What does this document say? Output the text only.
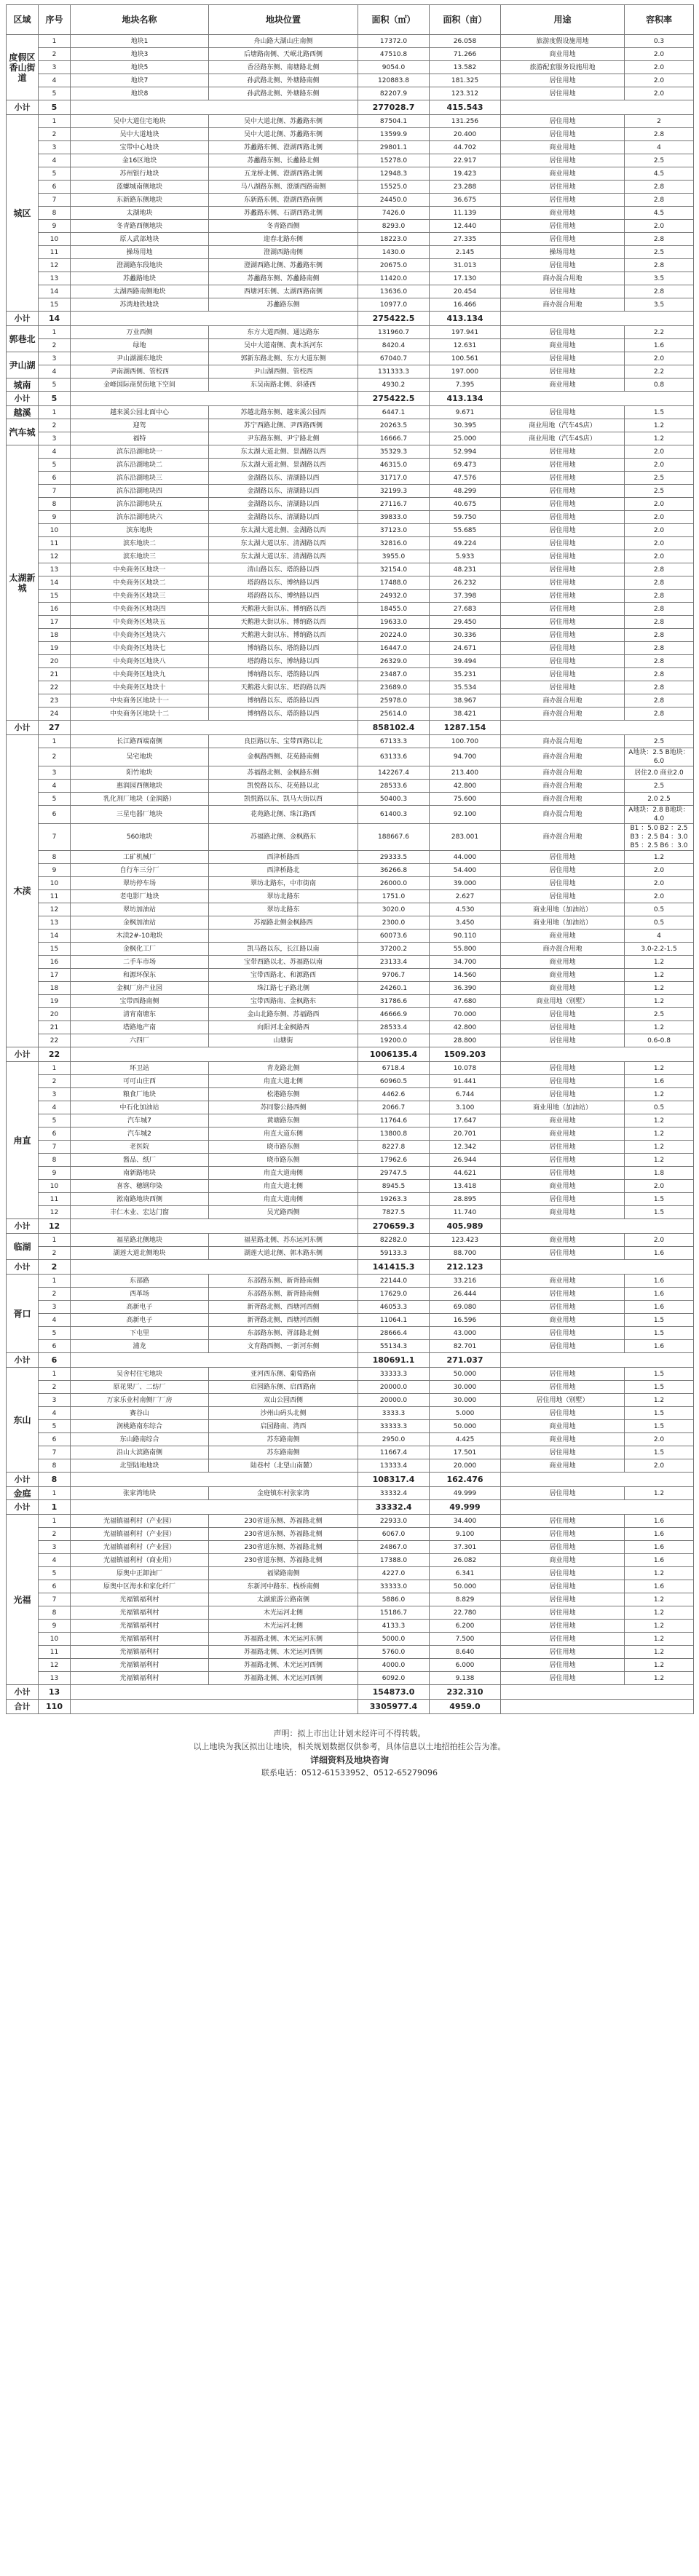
区域	序号	地块名称	地块位置	面积（㎡）	面积（亩）	用途	容积率
度假区香山街道	1	地块1	舟山路大湖山庄南侧	17372.0	26.058	旅游度假设施用地	0.3
	2	地块3	后塘路南侧、天岷北路西侧	47510.8	71.266	商业用地	2.0
	3	地块5	香泾路东侧、南塘路北侧	9054.0	13.582	旅游配套服务设施用地	2.0
	4	地块7	孙武路北侧、外塘路南侧	120883.8	181.325	居住用地	2.0
	5	地块8	孙武路北侧、外塘路东侧	82207.9	123.312	居住用地	2.0
小计	5			277028.7	415.543		
城区	1	吴中大道住宅地块	吴中大道北侧、苏蠡路东侧	87504.1	131.256	居住用地	2
	2	吴中大道地块	吴中大道北侧、苏蠡路东侧	13599.9	20.400	居住用地	2.8
	3	宝带中心地块	苏蠡路东侧、澄湖西路北侧	29801.1	44.702	商业用地	4
	4	金16区地块	苏蠡路东侧、长蠡路北侧	15278.0	22.917	居住用地	2.5
	5	苏州银行地块	五龙桥北侧、澄湖西路北侧	12948.3	19.423	商业用地	4.5
	6	蓝螺城南侧地块	马八湖路东侧、澄湖西路南侧	15525.0	23.288	居住用地	2.8
	7	东新路东侧地块	东新路东侧、澄湖西路南侧	24450.0	36.675	居住用地	2.8
	8	太湖地块	苏蠡路东侧、石湖西路北侧	7426.0	11.139	商业用地	4.5
	9	冬青路西侧地块	冬青路西侧	8293.0	12.440	居住用地	2.0
	10	原人武部地块	迎春北路东侧	18223.0	27.335	居住用地	2.8
	11	操场用地	澄湖西路南侧	1430.0	2.145	操场用地	2.5
	12	澄湖路东段地块	澄湖西路北侧、苏蠡路东侧	20675.0	31.013	居住用地	2.8
	13	苏蠡路地块	苏蠡路东侧、苏蠡路南侧	11420.0	17.130	商办混合用地	3.5
	14	太湖西路南侧地块	西塘河东侧、太湖西路南侧	13636.0	20.454	居住用地	2.8
	15	苏湾地铁地块	苏蠡路东侧	10977.0	16.466	商办混合用地	3.5
小计	14			275422.5	413.134		
郭巷北	1	万业西侧	东方大道西侧、通达路东	131960.7	197.941	居住用地	2.2
	2	绿地	吴中大道南侧、黄木浜河东	8420.4	12.631	商业用地	1.6
尹山湖	3	尹山湖湖东地块	郭新东路北侧、东方大道东侧	67040.7	100.561	居住用地	2.0
	4	尹南湖西侧、管校西	尹山湖西侧、管校西	131333.3	197.000	居住用地	2.2
城南	5	金峰国际商贸街地下空间	东吴南路北侧、斜港西	4930.2	7.395	商业用地	0.8
小计	5			275422.5	413.134		
越溪	1	越来溪公园北面中心	苏越北路东侧、越来溪公园西	6447.1	9.671	居住用地	1.5
汽车城	2	迎驾	苏宁西路北侧、尹西路西侧	20263.5	30.395	商业用地（汽车4S店）	1.2
	3	福特	尹东路东侧、尹宁路北侧	16666.7	25.000	商业用地（汽车4S店）	1.2
太湖新城	4	滨东沿湖地块一	东太湖大道北侧、景湖路以西	35329.3	52.994	居住用地	2.0
	5	滨东沿湖地块二	东太湖大道北侧、景湖路以西	46315.0	69.473	居住用地	2.0
	6	滨东沿湖地块三	金湖路以东、清湖路以西	31717.0	47.576	居住用地	2.5
	7	滨东沿湖地块四	金湖路以东、清湖路以西	32199.3	48.299	居住用地	2.5
	8	滨东沿湖地块五	金湖路以东、清湖路以西	27116.7	40.675	居住用地	2.0
	9	滨东沿湖地块六	金湖路以东、清湖路以西	39833.0	59.750	居住用地	2.0
	10	滨东地块	东太湖大道北侧、金湖路以西	37123.0	55.685	居住用地	2.0
	11	滨东地块二	东太湖大道以东、清湖路以西	32816.0	49.224	居住用地	2.0
	12	滨东地块三	东太湖大道以东、清湖路以西	3955.0	5.933	居住用地	2.0
	13	中央商务区地块一	清山路以东、塔韵路以西	32154.0	48.231	居住用地	2.8
	14	中央商务区地块二	塔韵路以东、博纳路以西	17488.0	26.232	居住用地	2.8
	15	中央商务区地块三	塔韵路以东、博纳路以西	24932.0	37.398	居住用地	2.8
	16	中央商务区地块四	天鹅港大街以东、博纳路以西	18455.0	27.683	居住用地	2.8
	17	中央商务区地块五	天鹅港大街以东、博纳路以西	19633.0	29.450	居住用地	2.8
	18	中央商务区地块六	天鹅港大街以东、博纳路以西	20224.0	30.336	居住用地	2.8
	19	中央商务区地块七	博纳路以东、塔韵路以西	16447.0	24.671	居住用地	2.8
	20	中央商务区地块八	塔韵路以东、博纳路以西	26329.0	39.494	居住用地	2.8
	21	中央商务区地块九	博纳路以东、塔韵路以西	23487.0	35.231	居住用地	2.8
	22	中央商务区地块十	天鹅港大街以东、塔韵路以西	23689.0	35.534	居住用地	2.8
	23	中央商务区地块十一	博纳路以东、塔韵路以西	25978.0	38.967	商办混合用地	2.8
	24	中央商务区地块十二	博纳路以东、塔韵路以西	25614.0	38.421	商办混合用地	2.8
小计	27			858102.4	1287.154		
木渎	1	长江路西端南侧	良臣路以东、宝带西路以北	67133.3	100.700	商办混合用地	2.5
	2	吴宅地块	金枫路西侧、花苑路南侧	63133.6	94.700	商办混合用地	A地块：2.5 B地块：6.0
	3	阳竹地块	苏福路北侧、金枫路东侧	142267.4	213.400	商办混合用地	居住2.0 商业2.0
	4	惠润园西侧地块	凯悦路以东、花苑路以北	28533.6	42.800	商办混合用地	2.5
	5	乳化剂厂地块（金润路）	凯悦路以东、凯马大街以西	50400.3	75.600	商办混合用地	2.0 2.5
	6	三星电器厂地块	花苑路北侧、珠江路西	61400.3	92.100	商办混合用地	A地块：2.8 B地块：4.0
	7	560地块	苏福路北侧、金枫路东	188667.6	283.001	商办混合用地	B1 ：5.0 B2 ：2.5 B3 ：2.5 B4 ：3.0 B5 ：2.5 B6 ：3.0
	8	工矿机械厂	西津桥路西	29333.5	44.000	居住用地	1.2
	9	自行车三分厂	西津桥路北	36266.8	54.400	居住用地	2.0
	10	翠坊停车场	翠坊北路东，中市街南	26000.0	39.000	居住用地	2.0
	11	老电影厂地块	翠坊北路东	1751.0	2.627	居住用地	2.0
	12	翠坊加油站	翠坊北路东	3020.0	4.530	商业用地（加油站）	0.5
	13	金枫加油站	苏福路北侧金枫路西	2300.0	3.450	商业用地（加油站）	0.5
	14	木渎2#-10地块		60073.6	90.110	商业用地	4
	15	金枫化工厂	凯马路以东，长江路以南	37200.2	55.800	商办混合用地	3.0-2.2-1.5
	16	二手车市场	宝带西路以北、苏福路以南	23133.4	34.700	商业用地	1.2
	17	和源环保东	宝带西路北、和源路西	9706.7	14.560	商业用地	1.2
	18	金枫厂房产业园	珠江路七子路北侧	24260.1	36.390	商业用地	1.2
	19	宝带西路南侧	宝带西路南、金枫路东	31786.6	47.680	商业用地（别墅）	1.2
	20	清宵南塘东	金山北路东侧、苏福路西	46666.9	70.000	居住用地	2.5
	21	塔路地产南	向阳河北金枫路西	28533.4	42.800	居住用地	1.2
	22	六四厂	山塘街	19200.0	28.800	居住用地	0.6-0.8
小计	22			1006135.4	1509.203		
甪直	1	环卫站	青龙路北侧	6718.4	10.078	居住用地	1.2
	2	可可山庄西	甪直大道北侧	60960.5	91.441	居住用地	1.6
	3	粮食厂地块	松港路东侧	4462.6	6.744	居住用地	1.2
	4	中石化加油站	苏同黎公路西侧	2066.7	3.100	商业用地（加油站）	0.5
	5	汽车城7	黄塘路东侧	11764.6	17.647	商业用地	1.2
	6	汽车城2	甪直大道东侧	13800.8	20.701	商业用地	1.2
	7	老医院	晓市路东侧	8227.8	12.342	居住用地	1.2
	8	酱品、纸厂	晓市路东侧	17962.6	26.944	居住用地	1.2
	9	南新路地块	甪直大道南侧	29747.5	44.621	居住用地	1.8
	10	喜客、穗钢印染	甪直大道北侧	8945.5	13.418	商业用地	2.0
	11	淞南路地块西侧	甪直大道南侧	19263.3	28.895	居住用地	1.5
	12	丰仁木业、宏达门窗	吴光路西侧	7827.5	11.740	商业用地	1.5
小计	12			270659.3	405.989		
临湖	1	福星路北侧地块	福星路北侧、苏东运河东侧	82282.0	123.423	商业用地	2.0
	2	湖莲大道北侧地块	湖莲大道北侧、郭木路东侧	59133.3	88.700	居住用地	1.6
小计	2			141415.3	212.123		
胥口	1	东部路	东部路东侧、新胥路南侧	22144.0	33.216	商业用地	1.6
	2	西革场	东部路东侧、新胥路南侧	17629.0	26.444	居住用地	1.6
	3	高新电子	新胥路北侧、西塘河西侧	46053.3	69.080	居住用地	1.6
	4	高新电子	新胥路北侧、西塘河西侧	11064.1	16.596	商业用地	1.5
	5	下屯里	东部路东侧、胥部路北侧	28666.4	43.000	居住用地	1.5
	6	浦龙	文育路西侧、一新河东侧	55134.3	82.701	居住用地	1.6
小计	6			180691.1	271.037		
东山	1	吴舍村住宅地块	亚河西东侧、葡萄路南	33333.3	50.000	居住用地	1.5
	2	原花果厂、二纺厂	启园路东侧、启西路南	20000.0	30.000	居住用地	1.5
	3	万家乐业村南侧厂厂房	双山公园西侧	20000.0	30.000	居住用地（别墅）	1.2
	4	赛谷山	沙州山码头北侧	3333.3	5.000	居住用地	1.5
	5	润桃路南东综合	启园路南、湾西	33333.3	50.000	商业用地	1.5
	6	东山路南综合	苏东路南侧	2950.0	4.425	商业用地	2.0
	7	沿山大滨路南侧	苏东路南侧	11667.4	17.501	居住用地	1.5
	8	北望陆地地块	陆巷村（北望山南麓）	13333.4	20.000	商业用地	2.0
小计	8			108317.4	162.476		
金庭	1	张家湾地块	金庭镇东村张家湾	33332.4	49.999	居住用地	1.2
小计	1			33332.4	49.999		
光福	1	光福镇福利村（产业园）	230省道东侧、苏福路北侧	22933.0	34.400	居住用地	1.6
	2	光福镇福利村（产业园）	230省道东侧、苏福路北侧	6067.0	9.100	居住用地	1.6
	3	光福镇福利村（产业园）	230省道东侧、苏福路北侧	24867.0	37.301	居住用地	1.6
	4	光福镇福利村（商业用）	230省道东侧、苏福路北侧	17388.0	26.082	商业用地	1.6
	5	原奥中正卸油厂	福梁路南侧	4227.0	6.341	居住用地	1.2
	6	原奥中区海水和家化纤厂	东新河中路东、栈桥南侧	33333.0	50.000	居住用地	1.6
	7	光福镇福利村	太湖旅游公路南侧	5886.0	8.829	居住用地	1.2
	8	光福镇福利村	木光运河北侧	15186.7	22.780	居住用地	1.2
	9	光福镇福利村	木光运河北侧	4133.3	6.200	居住用地	1.2
	10	光福镇福利村	苏福路北侧、木光运河东侧	5000.0	7.500	居住用地	1.2
	11	光福镇福利村	苏福路北侧、木光运河西侧	5760.0	8.640	居住用地	1.2
	12	光福镇福利村	苏福路北侧、木光运河西侧	4000.0	6.000	居住用地	1.2
	13	光福镇福利村	苏福路北侧、木光运河西侧	6092.0	9.138	居住用地	1.2
小计	13			154873.0	232.310		
合计	110			3305977.4	4959.0		
声明：拟上市出让计划未经许可不得转载。
以上地块为我区拟出让地块，相关规划数据仅供参考，具体信息以土地招拍挂公告为准。
详细资料及地块咨询
联系电话：0512-61533952、0512-65279096
